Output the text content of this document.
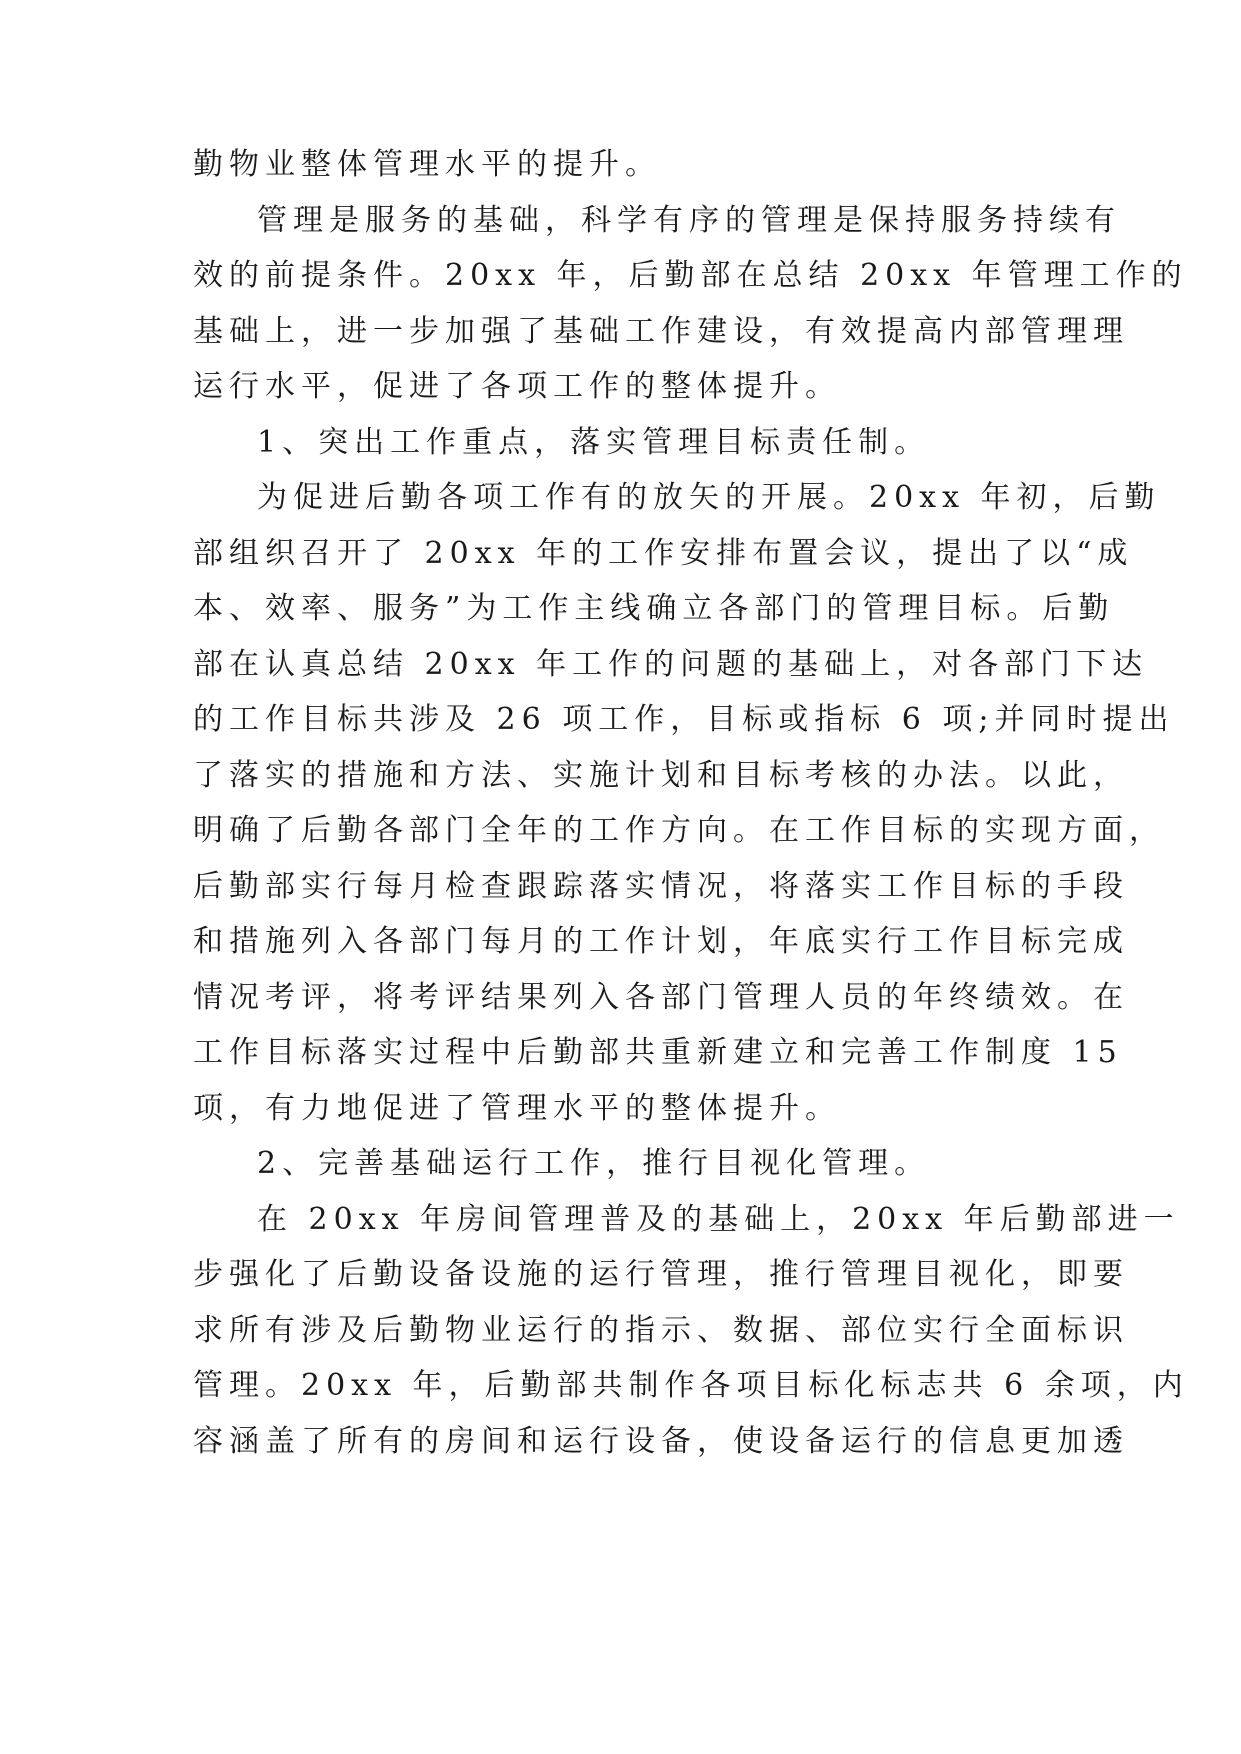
勤物业整体管理水平的提升。
管理是服务的基础，科学有序的管理是保持服务持续有
效的前提条件。20xx 年，后勤部在总结 20xx 年管理工作的
基础上，进一步加强了基础工作建设，有效提高内部管理理
运行水平，促进了各项工作的整体提升。
1、突出工作重点，落实管理目标责任制。
为促进后勤各项工作有的放矢的开展。20xx 年初，后勤
部组织召开了 20xx 年的工作安排布置会议，提出了以“成
本、效率、服务”为工作主线确立各部门的管理目标。后勤
部在认真总结 20xx 年工作的问题的基础上，对各部门下达
的工作目标共涉及 26 项工作，目标或指标 6 项;并同时提出
了落实的措施和方法、实施计划和目标考核的办法。以此，
明确了后勤各部门全年的工作方向。在工作目标的实现方面，
后勤部实行每月检查跟踪落实情况，将落实工作目标的手段
和措施列入各部门每月的工作计划，年底实行工作目标完成
情况考评，将考评结果列入各部门管理人员的年终绩效。在
工作目标落实过程中后勤部共重新建立和完善工作制度 15
项，有力地促进了管理水平的整体提升。
2、完善基础运行工作，推行目视化管理。
在 20xx 年房间管理普及的基础上，20xx 年后勤部进一
步强化了后勤设备设施的运行管理，推行管理目视化，即要
求所有涉及后勤物业运行的指示、数据、部位实行全面标识
管理。20xx 年，后勤部共制作各项目标化标志共 6 余项，内
容涵盖了所有的房间和运行设备，使设备运行的信息更加透
